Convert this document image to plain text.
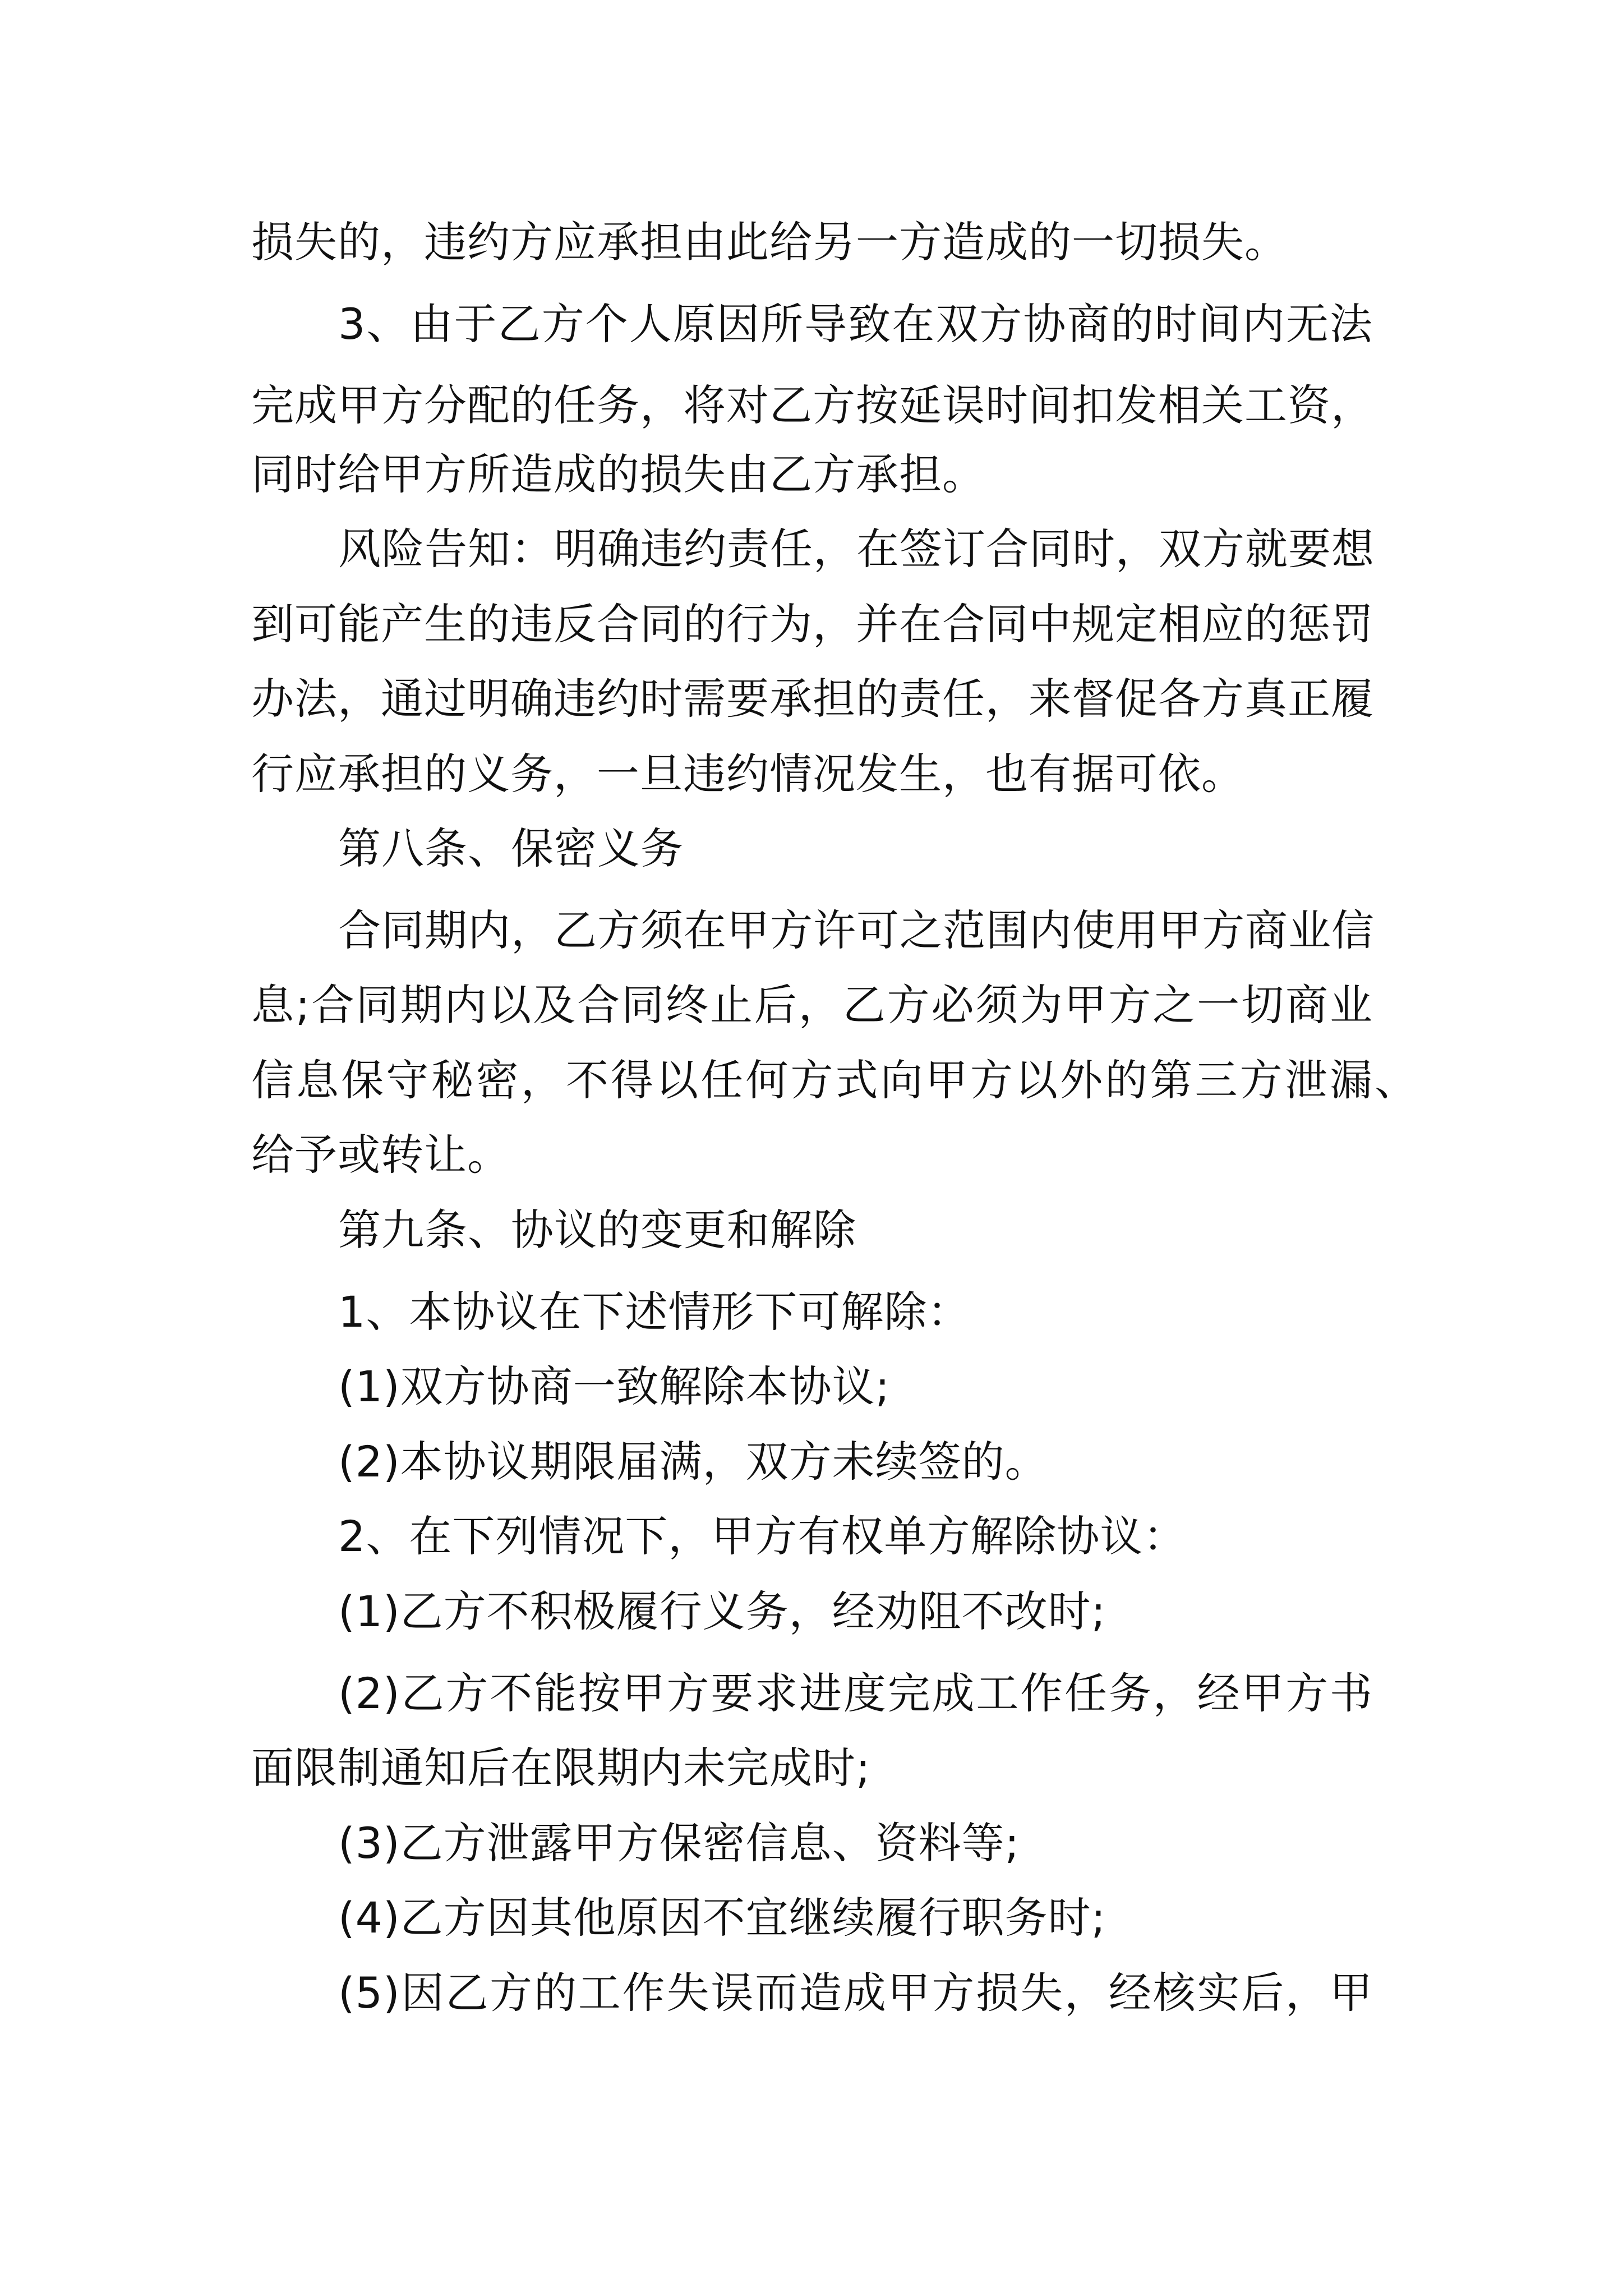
损失的，违约方应承担由此给另一方造成的一切损失。
3、由于乙方个人原因所导致在双方协商的时间内无法
完成甲方分配的任务，将对乙方按延误时间扣发相关工资，
同时给甲方所造成的损失由乙方承担。
风险告知：明确违约责任，在签订合同时，双方就要想
到可能产生的违反合同的行为，并在合同中规定相应的惩罚
办法，通过明确违约时需要承担的责任，来督促各方真正履
行应承担的义务，一旦违约情况发生，也有据可依。
第八条、保密义务
合同期内，乙方须在甲方许可之范围内使用甲方商业信
息;合同期内以及合同终止后，乙方必须为甲方之一切商业
信息保守秘密，不得以任何方式向甲方以外的第三方泄漏、
给予或转让。
第九条、协议的变更和解除
1、本协议在下述情形下可解除：
(1)双方协商一致解除本协议;
(2)本协议期限届满，双方未续签的。
2、在下列情况下，甲方有权单方解除协议：
(1)乙方不积极履行义务，经劝阻不改时;
(2)乙方不能按甲方要求进度完成工作任务，经甲方书
面限制通知后在限期内未完成时;
(3)乙方泄露甲方保密信息、资料等;
(4)乙方因其他原因不宜继续履行职务时;
(5)因乙方的工作失误而造成甲方损失，经核实后，甲
